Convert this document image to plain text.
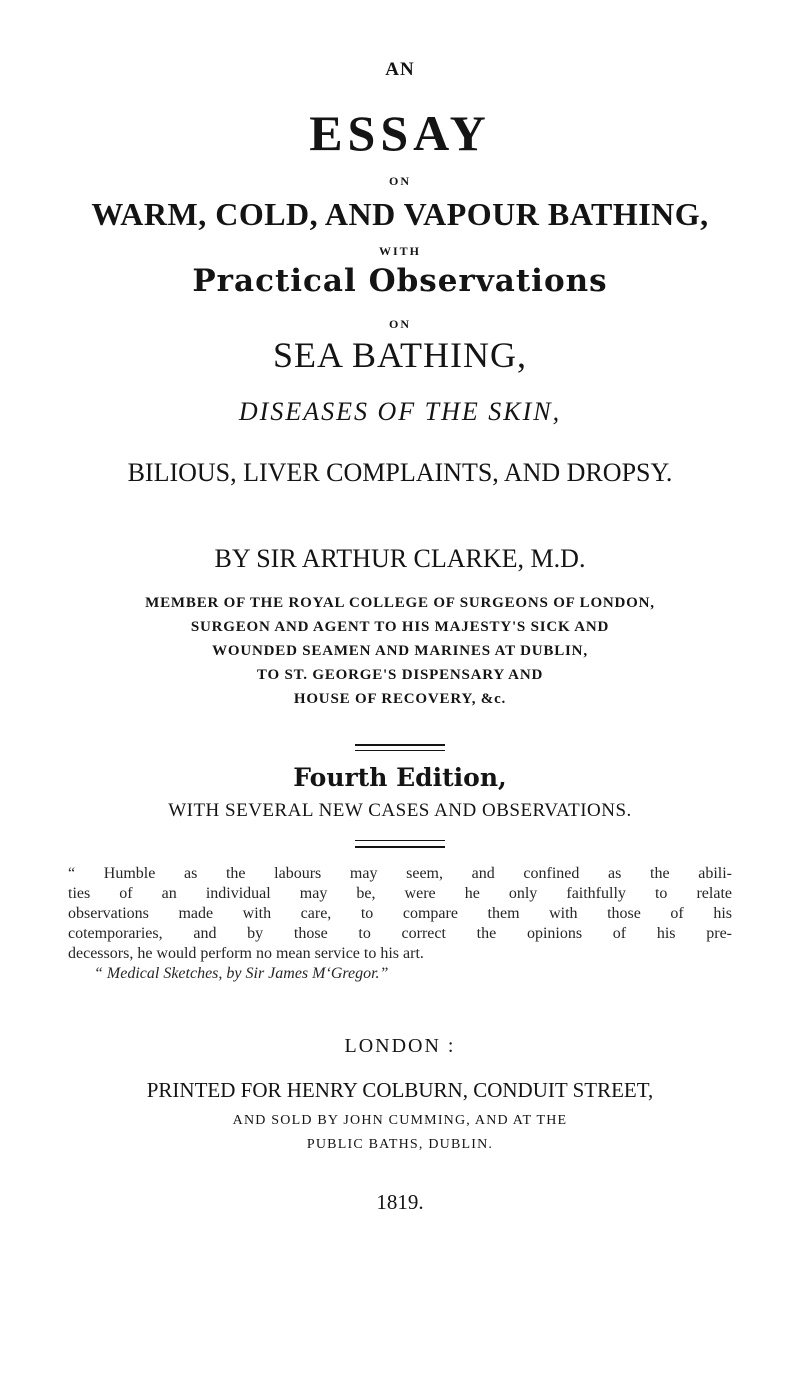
AN
ESSAY
ON
WARM, COLD, AND VAPOUR BATHING,
WITH
Practical Observations
ON
SEA BATHING,
DISEASES OF THE SKIN,
BILIOUS, LIVER COMPLAINTS, AND DROPSY.
BY SIR ARTHUR CLARKE, M.D.
MEMBER OF THE ROYAL COLLEGE OF SURGEONS OF LONDON,
SURGEON AND AGENT TO HIS MAJESTY'S SICK AND
WOUNDED SEAMEN AND MARINES AT DUBLIN,
TO ST. GEORGE'S DISPENSARY AND
HOUSE OF RECOVERY, &c.
Fourth Edition,
WITH SEVERAL NEW CASES AND OBSERVATIONS.
“ Humble as the labours may seem, and confined as the abili-
ties of an individual may be, were he only faithfully to relate
observations made with care, to compare them with those of his
cotemporaries, and by those to correct the opinions of his pre-
decessors, he would perform no mean service to his art.
“ Medical Sketches, by Sir James M‘Gregor.”
LONDON :
PRINTED FOR HENRY COLBURN, CONDUIT STREET,
AND SOLD BY JOHN CUMMING, AND AT THE
PUBLIC BATHS, DUBLIN.
1819.
